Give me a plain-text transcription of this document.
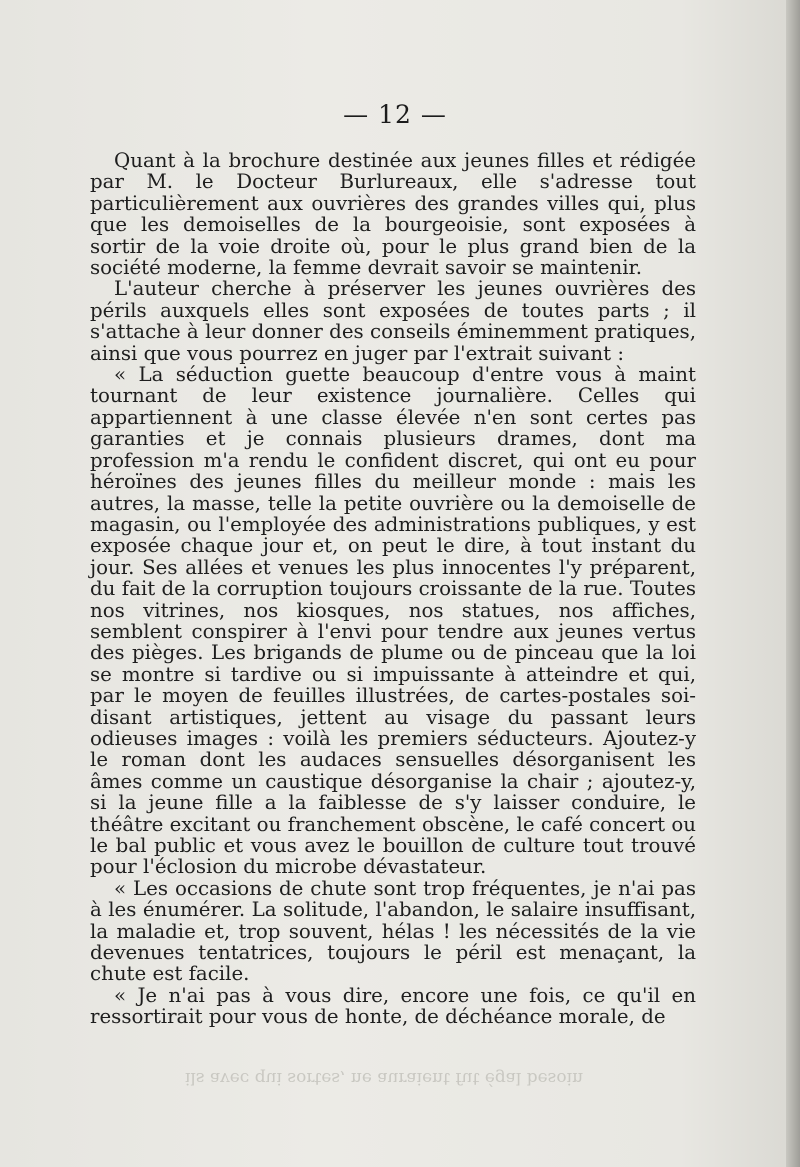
— 12 —

Quant à la brochure destinée aux jeunes filles et rédigée par M. le Docteur Burlureaux, elle s'adresse tout particulièrement aux ouvrières des grandes villes qui, plus que les demoiselles de la bourgeoisie, sont exposées à sortir de la voie droite où, pour le plus grand bien de la société moderne, la femme devrait savoir se maintenir.

L'auteur cherche à préserver les jeunes ouvrières des périls auxquels elles sont exposées de toutes parts ; il s'attache à leur donner des conseils éminemment pratiques, ainsi que vous pourrez en juger par l'extrait suivant :

« La séduction guette beaucoup d'entre vous à maint tournant de leur existence journalière. Celles qui appartiennent à une classe élevée n'en sont certes pas garanties et je connais plusieurs drames, dont ma profession m'a rendu le confident discret, qui ont eu pour héroïnes des jeunes filles du meilleur monde : mais les autres, la masse, telle la petite ouvrière ou la demoiselle de magasin, ou l'employée des administrations publiques, y est exposée chaque jour et, on peut le dire, à tout instant du jour. Ses allées et venues les plus innocentes l'y préparent, du fait de la corruption toujours croissante de la rue. Toutes nos vitrines, nos kiosques, nos statues, nos affiches, semblent conspirer à l'envi pour tendre aux jeunes vertus des pièges. Les brigands de plume ou de pinceau que la loi se montre si tardive ou si impuissante à atteindre et qui, par le moyen de feuilles illustrées, de cartes-postales soi-disant artistiques, jettent au visage du passant leurs odieuses images : voilà les premiers séducteurs. Ajoutez-y le roman dont les audaces sensuelles désorganisent les âmes comme un caustique désorganise la chair ; ajoutez-y, si la jeune fille a la faiblesse de s'y laisser conduire, le théâtre excitant ou franchement obscène, le café concert ou le bal public et vous avez le bouillon de culture tout trouvé pour l'éclosion du microbe dévastateur.

« Les occasions de chute sont trop fréquentes, je n'ai pas à les énumérer. La solitude, l'abandon, le salaire insuffisant, la maladie et, trop souvent, hélas ! les nécessités de la vie devenues tentatrices, toujours le péril est menaçant, la chute est facile.

« Je n'ai pas à vous dire, encore une fois, ce qu'il en ressortirait pour vous de honte, de déchéance morale, de

ils avec qui sortes, ne auraient fut égal besoin
